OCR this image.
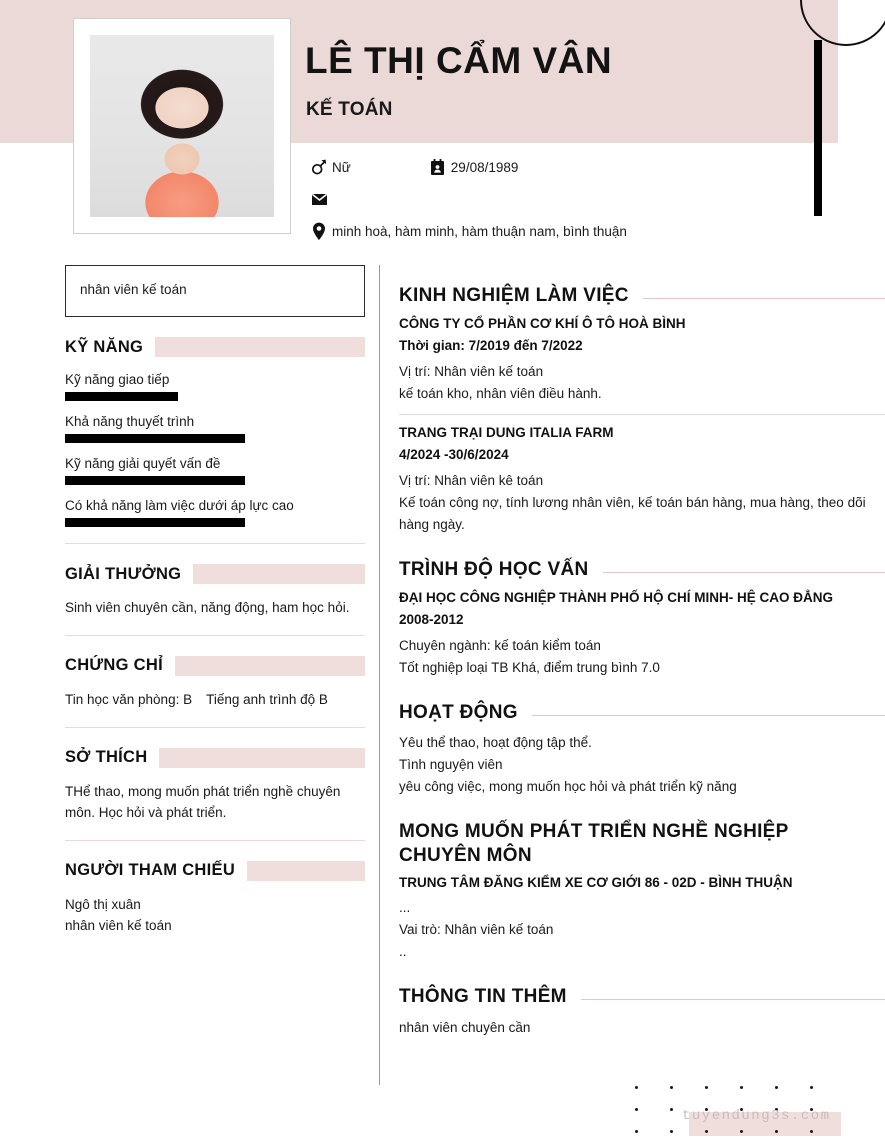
LÊ THỊ CẨM VÂN
KẾ TOÁN
Nữ	29/08/1989
minh hoà, hàm minh, hàm thuận nam, bình thuận
nhân viên kế toán
KỸ NĂNG
Kỹ năng giao tiếp
Khả năng thuyết trình
Kỹ năng giải quyết vấn đề
Có khả năng làm việc dưới áp lực cao
GIẢI THƯỞNG
Sinh viên chuyên cần, năng động, ham học hỏi.
CHỨNG CHỈ
Tin học văn phòng: B Tiếng anh trình độ B
SỞ THÍCH
THể thao, mong muốn phát triển nghề chuyên môn. Học hỏi và phát triển.
NGƯỜI THAM CHIẾU
Ngô thị xuân
nhân viên kế toán
KINH NGHIỆM LÀM VIỆC
CÔNG TY CỔ PHẦN CƠ KHÍ Ô TÔ HOÀ BÌNH
Thời gian: 7/2019 đến 7/2022
Vị trí: Nhân viên kế toán
kế toán kho, nhân viên điều hành.
TRANG TRẠI DUNG ITALIA FARM
4/2024 -30/6/2024
Vị trí: Nhân viên kê toán
Kế toán công nợ, tính lương nhân viên, kế toán bán hàng, mua hàng, theo dõi
hàng ngày.
TRÌNH ĐỘ HỌC VẤN
ĐẠI HỌC CÔNG NGHIỆP THÀNH PHỐ HỘ CHÍ MINH- HỆ CAO ĐẲNG
2008-2012
Chuyên ngành: kế toán kiểm toán
Tốt nghiệp loại TB Khá, điểm trung bình 7.0
HOẠT ĐỘNG
Yêu thể thao, hoạt động tập thể.
Tình nguyện viên
yêu công việc, mong muốn học hỏi và phát triển kỹ năng
MONG MUỐN PHÁT TRIỂN NGHỀ NGHIỆP CHUYÊN MÔN
TRUNG TÂM ĐĂNG KIỂM XE CƠ GIỚI 86 - 02D - BÌNH THUẬN
...
Vai trò: Nhân viên kế toán
..
THÔNG TIN THÊM
nhân viên chuyên cần
tuyendung3s.com
